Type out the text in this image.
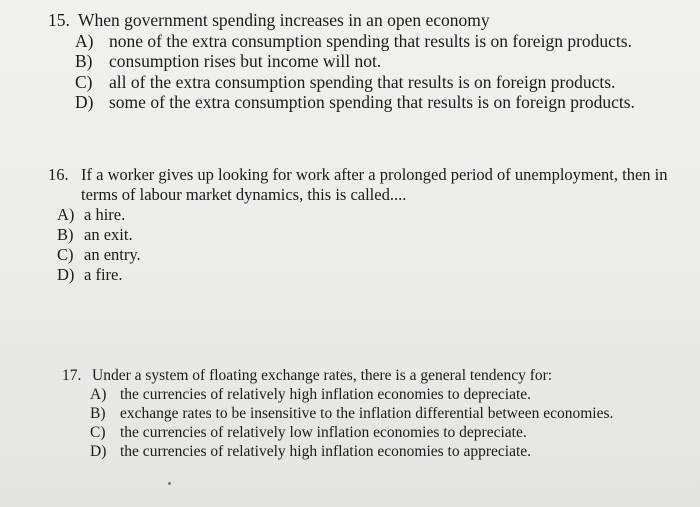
15. When government spending increases in an open economy
A) none of the extra consumption spending that results is on foreign products.
B) consumption rises but income will not.
C) all of the extra consumption spending that results is on foreign products.
D) some of the extra consumption spending that results is on foreign products.
16. If a worker gives up looking for work after a prolonged period of unemployment, then in terms of labour market dynamics, this is called....
A) a hire.
B) an exit.
C) an entry.
D) a fire.
17. Under a system of floating exchange rates, there is a general tendency for:
A) the currencies of relatively high inflation economies to depreciate.
B) exchange rates to be insensitive to the inflation differential between economies.
C) the currencies of relatively low inflation economies to depreciate.
D) the currencies of relatively high inflation economies to appreciate.
